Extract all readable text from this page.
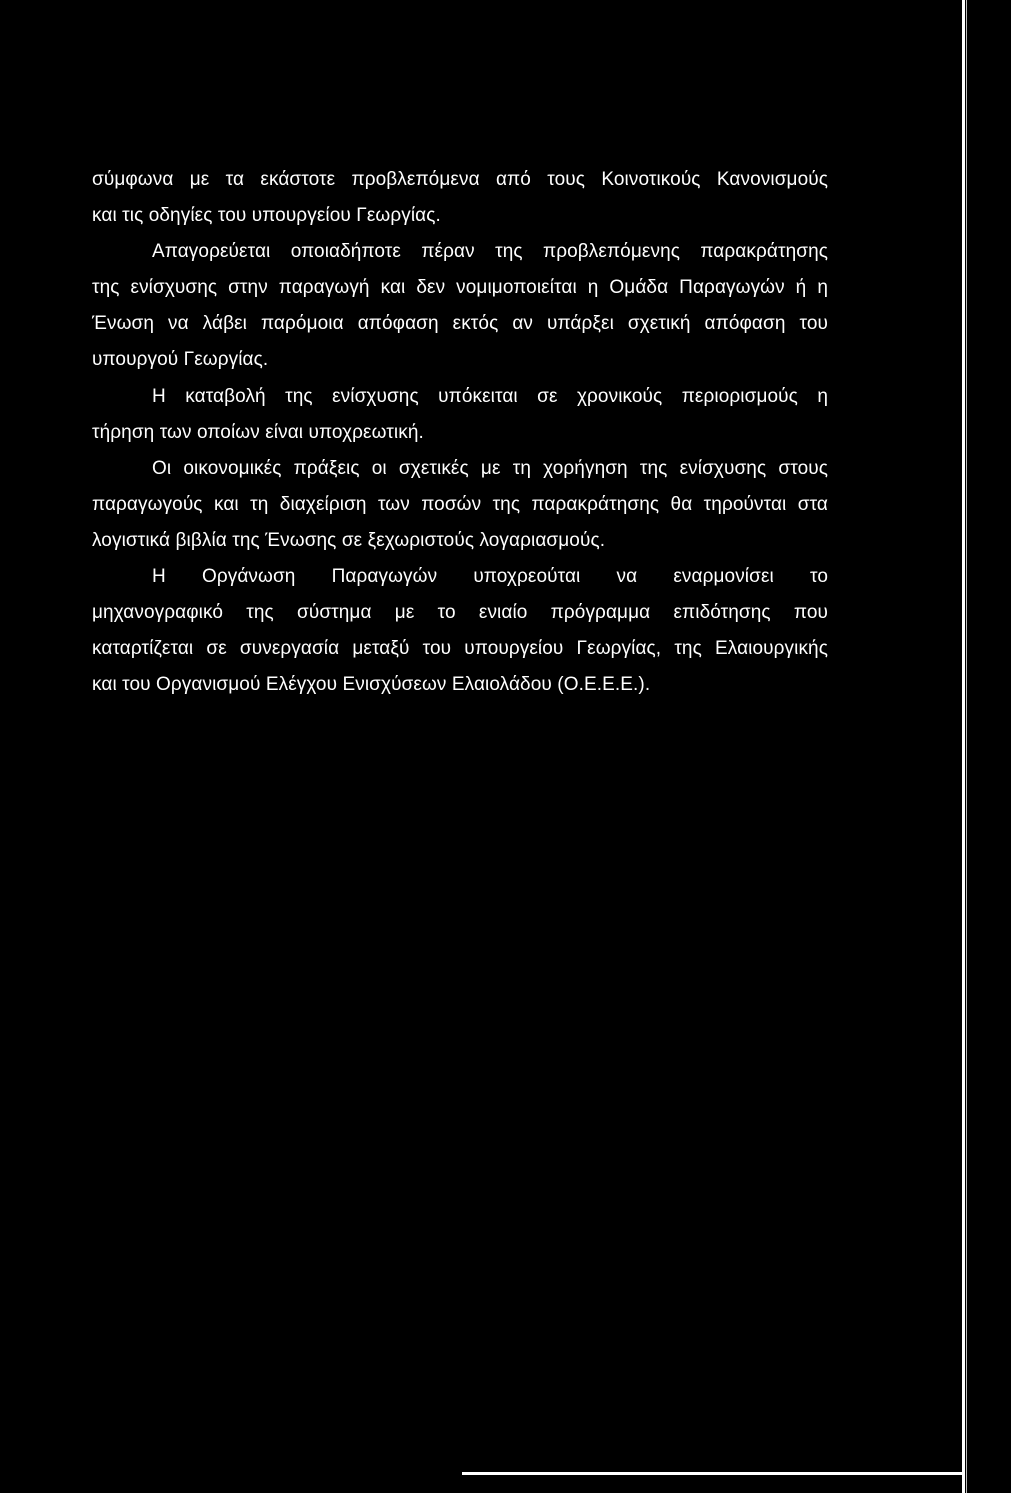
σύμφωνα με τα εκάστοτε προβλεπόμενα από τους Κοινοτικούς Κανονισμούς
και τις οδηγίες του υπουργείου Γεωργίας.
Απαγορεύεται οποιαδήποτε πέραν της προβλεπόμενης παρακράτησης
της ενίσχυσης στην παραγωγή και δεν νομιμοποιείται η Ομάδα Παραγωγών ή η
Ένωση να λάβει παρόμοια απόφαση εκτός αν υπάρξει σχετική απόφαση του
υπουργού Γεωργίας.
Η καταβολή της ενίσχυσης υπόκειται σε χρονικούς περιορισμούς η
τήρηση των οποίων είναι υποχρεωτική.
Οι οικονομικές πράξεις οι σχετικές με τη χορήγηση της ενίσχυσης στους
παραγωγούς και τη διαχείριση των ποσών της παρακράτησης θα τηρούνται στα
λογιστικά βιβλία της Ένωσης σε ξεχωριστούς λογαριασμούς.
Η Οργάνωση Παραγωγών υποχρεούται να εναρμονίσει το
μηχανογραφικό της σύστημα με το ενιαίο πρόγραμμα επιδότησης που
καταρτίζεται σε συνεργασία μεταξύ του υπουργείου Γεωργίας, της Ελαιουργικής
και του Οργανισμού Ελέγχου Ενισχύσεων Ελαιολάδου (Ο.Ε.Ε.Ε.).
